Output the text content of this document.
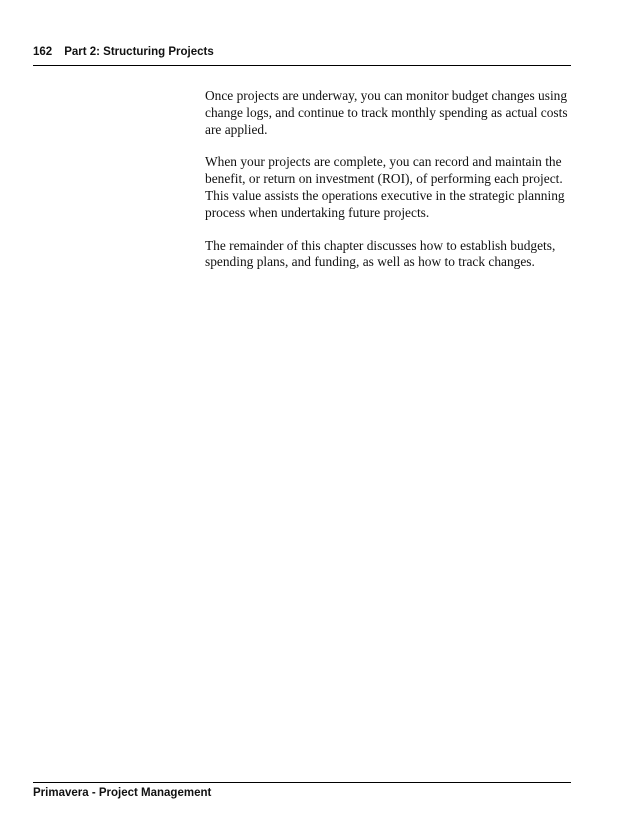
162 Part 2: Structuring Projects

Once projects are underway, you can monitor budget changes using change logs, and continue to track monthly spending as actual costs are applied.

When your projects are complete, you can record and maintain the benefit, or return on investment (ROI), of performing each project. This value assists the operations executive in the strategic planning process when undertaking future projects.

The remainder of this chapter discusses how to establish budgets, spending plans, and funding, as well as how to track changes.

Primavera - Project Management
